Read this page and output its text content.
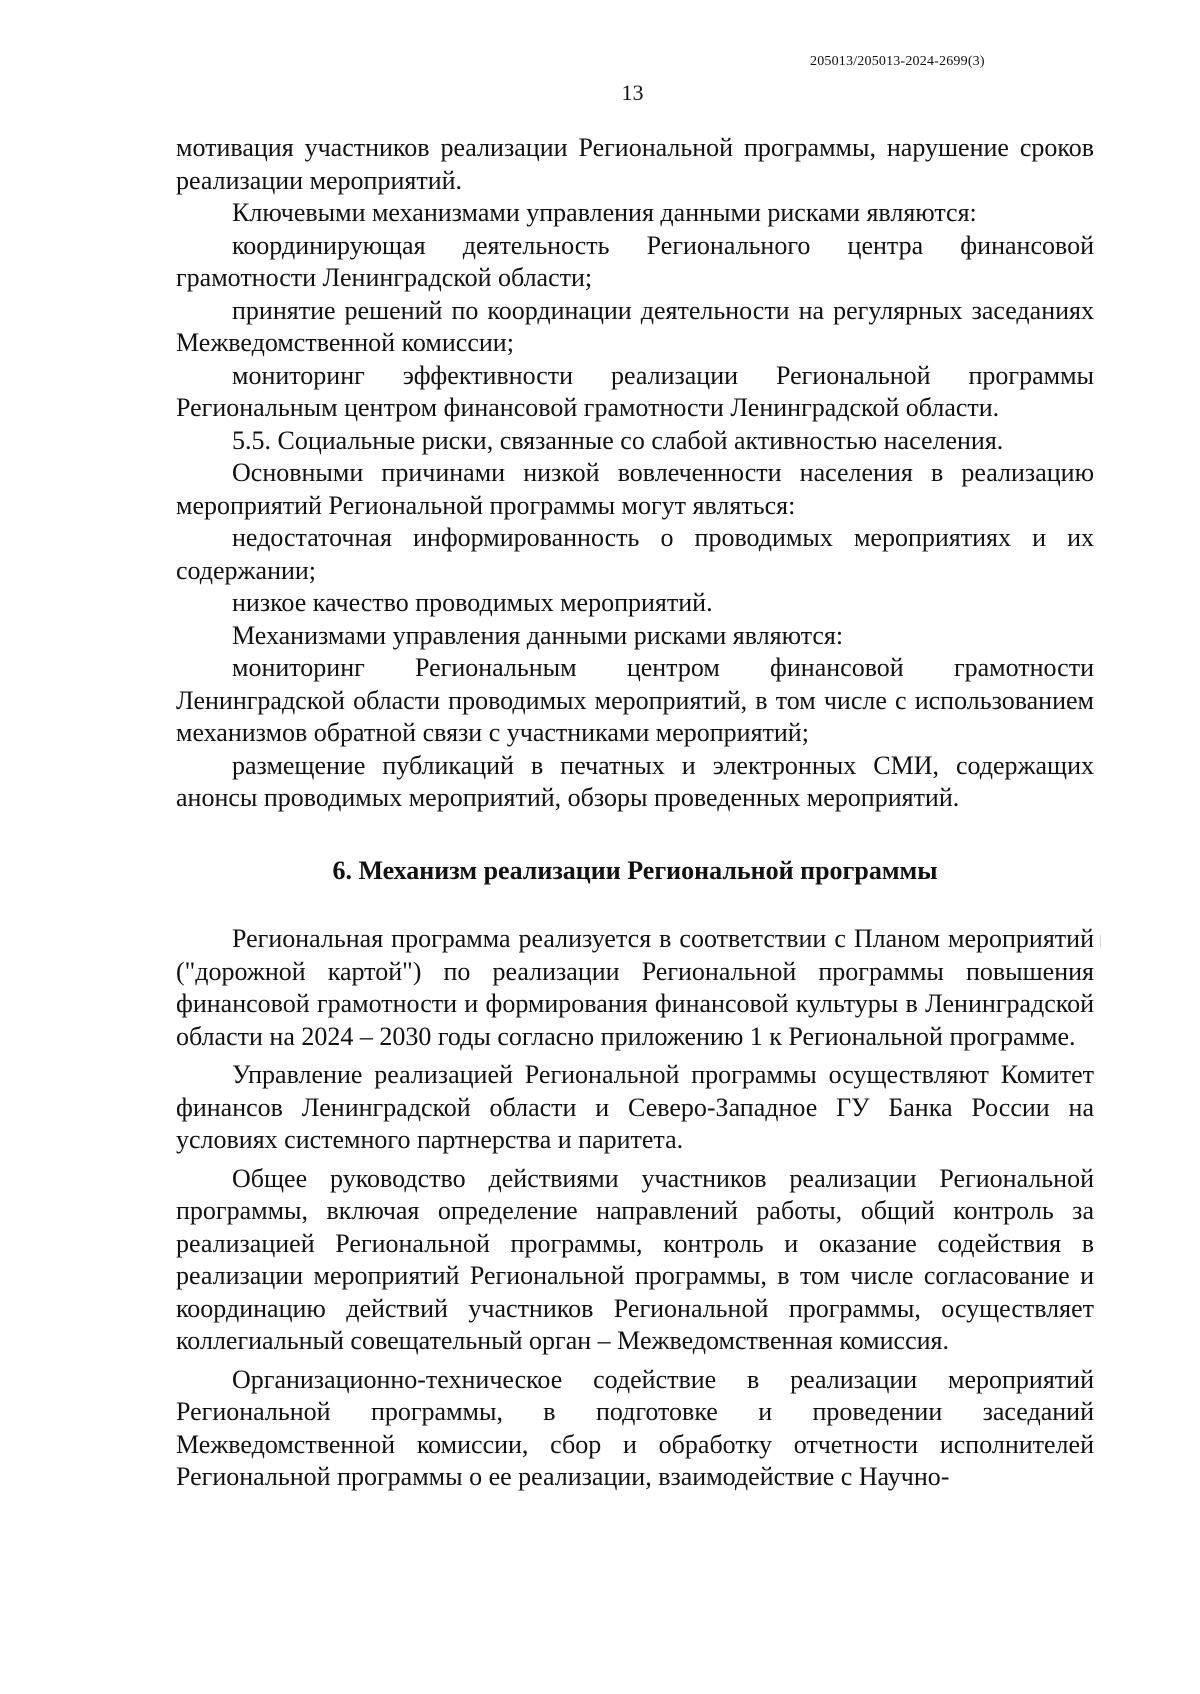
205013/205013-2024-2699(3)
13

мотивация участников реализации Региональной программы, нарушение сроков реализации мероприятий.

Ключевыми механизмами управления данными рисками являются:

координирующая деятельность Регионального центра финансовой грамотности Ленинградской области;

принятие решений по координации деятельности на регулярных заседаниях Межведомственной комиссии;

мониторинг эффективности реализации Региональной программы Региональным центром финансовой грамотности Ленинградской области.

5.5. Социальные риски, связанные со слабой активностью населения.

Основными причинами низкой вовлеченности населения в реализацию мероприятий Региональной программы могут являться:

недостаточная информированность о проводимых мероприятиях и их содержании;

низкое качество проводимых мероприятий.

Механизмами управления данными рисками являются:

мониторинг Региональным центром финансовой грамотности Ленинградской области проводимых мероприятий, в том числе с использованием механизмов обратной связи с участниками мероприятий;

размещение публикаций в печатных и электронных СМИ, содержащих анонсы проводимых мероприятий, обзоры проведенных мероприятий.

6. Механизм реализации Региональной программы

Региональная программа реализуется в соответствии с Планом мероприятий ("дорожной картой") по реализации Региональной программы повышения финансовой грамотности и формирования финансовой культуры в Ленинградской области на 2024 – 2030 годы согласно приложению 1 к Региональной программе.

Управление реализацией Региональной программы осуществляют Комитет финансов Ленинградской области и Северо-Западное ГУ Банка России на условиях системного партнерства и паритета.

Общее руководство действиями участников реализации Региональной программы, включая определение направлений работы, общий контроль за реализацией Региональной программы, контроль и оказание содействия в реализации мероприятий Региональной программы, в том числе согласование и координацию действий участников Региональной программы, осуществляет коллегиальный совещательный орган – Межведомственная комиссия.

Организационно-техническое содействие в реализации мероприятий Региональной программы, в подготовке и проведении заседаний Межведомственной комиссии, сбор и обработку отчетности исполнителей Региональной программы о ее реализации, взаимодействие с Научно-
